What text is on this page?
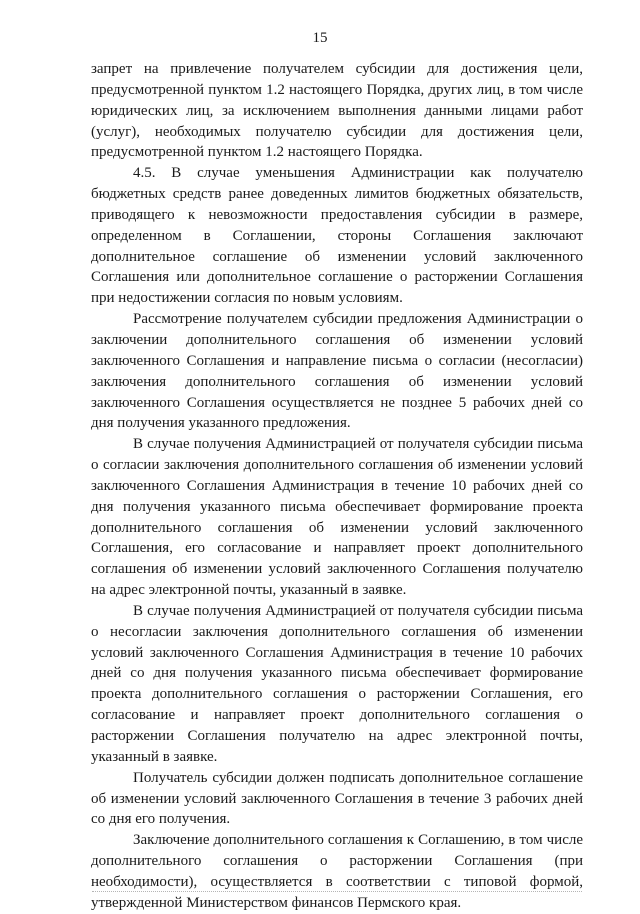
15

запрет на привлечение получателем субсидии для достижения цели, предусмотренной пунктом 1.2 настоящего Порядка, других лиц, в том числе юридических лиц, за исключением выполнения данными лицами работ (услуг), необходимых получателю субсидии для достижения цели, предусмотренной пунктом 1.2 настоящего Порядка.

4.5. В случае уменьшения Администрации как получателю бюджетных средств ранее доведенных лимитов бюджетных обязательств, приводящего к невозможности предоставления субсидии в размере, определенном в Соглашении, стороны Соглашения заключают дополнительное соглашение об изменении условий заключенного Соглашения или дополнительное соглашение о расторжении Соглашения при недостижении согласия по новым условиям.

Рассмотрение получателем субсидии предложения Администрации о заключении дополнительного соглашения об изменении условий заключенного Соглашения и направление письма о согласии (несогласии) заключения дополнительного соглашения об изменении условий заключенного Соглашения осуществляется не позднее 5 рабочих дней со дня получения указанного предложения.

В случае получения Администрацией от получателя субсидии письма о согласии заключения дополнительного соглашения об изменении условий заключенного Соглашения Администрация в течение 10 рабочих дней со дня получения указанного письма обеспечивает формирование проекта дополнительного соглашения об изменении условий заключенного Соглашения, его согласование и направляет проект дополнительного соглашения об изменении условий заключенного Соглашения получателю на адрес электронной почты, указанный в заявке.

В случае получения Администрацией от получателя субсидии письма о несогласии заключения дополнительного соглашения об изменении условий заключенного Соглашения Администрация в течение 10 рабочих дней со дня получения указанного письма обеспечивает формирование проекта дополнительного соглашения о расторжении Соглашения, его согласование и направляет проект дополнительного соглашения о расторжении Соглашения получателю на адрес электронной почты, указанный в заявке.

Получатель субсидии должен подписать дополнительное соглашение об изменении условий заключенного Соглашения в течение 3 рабочих дней со дня его получения.

Заключение дополнительного соглашения к Соглашению, в том числе дополнительного соглашения о расторжении Соглашения (при необходимости), осуществляется в соответствии с типовой формой, утвержденной Министерством финансов Пермского края.
